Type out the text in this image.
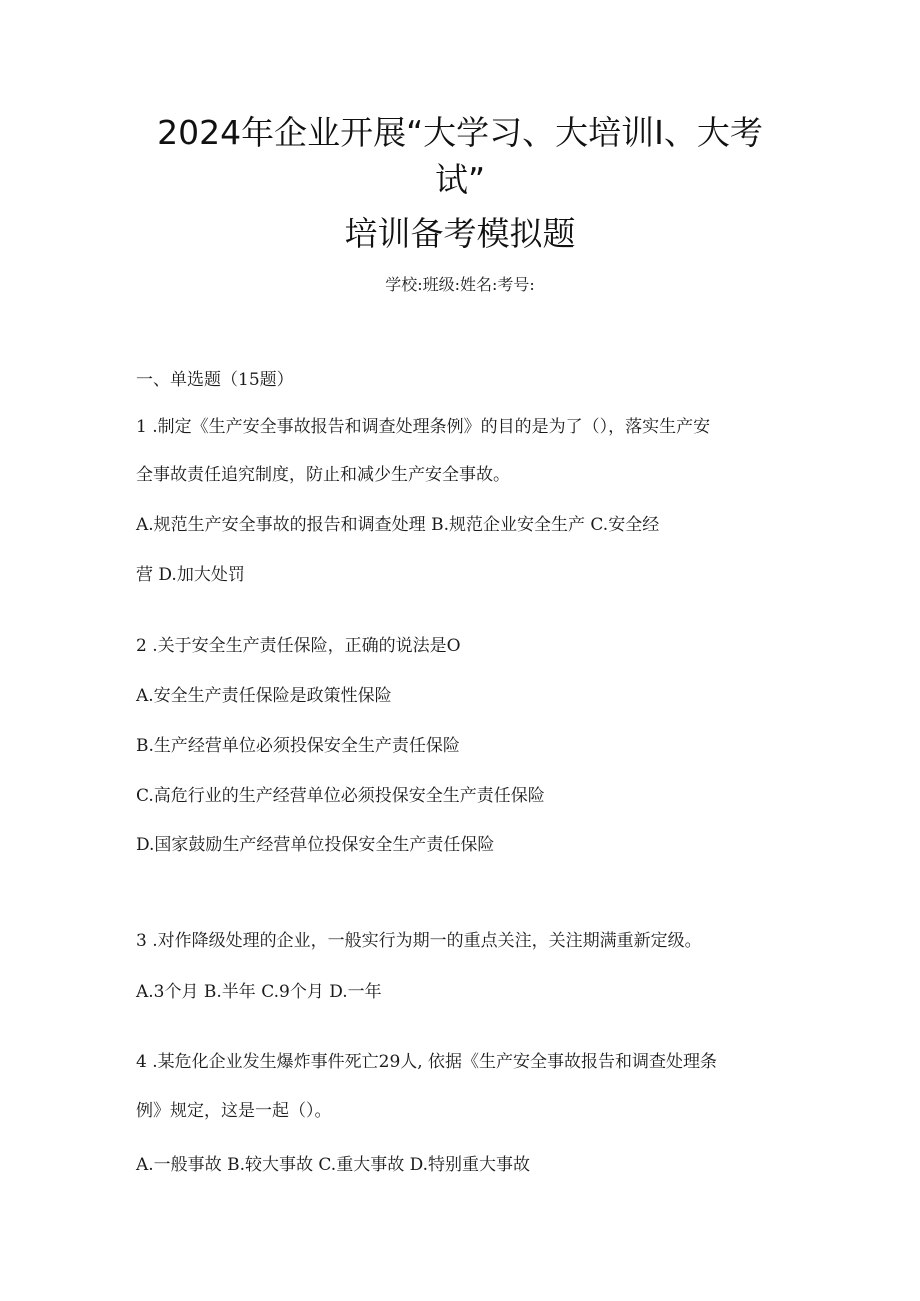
2024年企业开展“大学习、大培训I、大考
试”
培训备考模拟题
学校:班级:姓名:考号:
一、单选题（15题）
1 .制定《生产安全事故报告和调查处理条例》的目的是为了（），落实生产安
全事故责任追究制度，防止和减少生产安全事故。
A.规范生产安全事故的报告和调查处理 B.规范企业安全生产 C.安全经
营 D.加大处罚
2 .关于安全生产责任保险，正确的说法是O
A.安全生产责任保险是政策性保险
B.生产经营单位必须投保安全生产责任保险
C.高危行业的生产经营单位必须投保安全生产责任保险
D.国家鼓励生产经营单位投保安全生产责任保险
3 .对作降级处理的企业，一般实行为期一的重点关注，关注期满重新定级。
A.3个月 B.半年 C.9个月 D.一年
4 .某危化企业发生爆炸事件死亡29人, 依据《生产安全事故报告和调查处理条
例》规定，这是一起（）。
A.一般事故 B.较大事故 C.重大事故 D.特别重大事故
